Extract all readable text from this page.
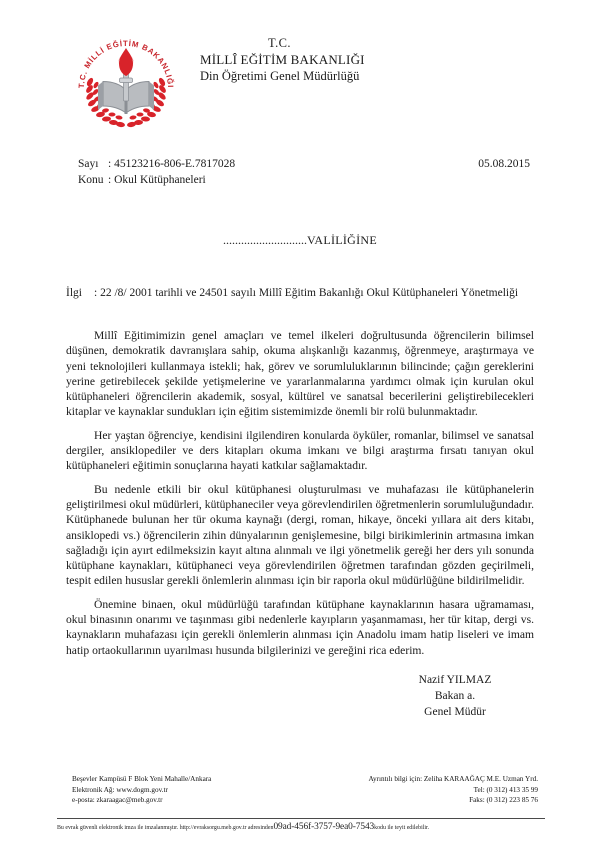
T.C. MİLLİ EĞİTİM BAKANLIĞI
T.C.
MİLLÎ EĞİTİM BAKANLIĞI
Din Öğretimi Genel Müdürlüğü
Sayı : 45123216-806-E.7817028	05.08.2015
Konu : Okul Kütüphaneleri
............................VALİLİĞİNE
İlgi : 22 /8/ 2001 tarihli ve 24501 sayılı Millî Eğitim Bakanlığı Okul Kütüphaneleri Yönetmeliği

Millî Eğitimimizin genel amaçları ve temel ilkeleri doğrultusunda öğrencilerin bilimsel düşünen, demokratik davranışlara sahip, okuma alışkanlığı kazanmış, öğrenmeye, araştırmaya ve yeni teknolojileri kullanmaya istekli; hak, görev ve sorumluluklarının bilincinde; çağın gereklerini yerine getirebilecek şekilde yetişmelerine ve yararlanmalarına yardımcı olmak için kurulan okul kütüphaneleri öğrencilerin akademik, sosyal, kültürel ve sanatsal becerilerini geliştirebilecekleri kitaplar ve kaynaklar sundukları için eğitim sistemimizde önemli bir rolü bulunmaktadır.

Her yaştan öğrenciye, kendisini ilgilendiren konularda öyküler, romanlar, bilimsel ve sanatsal dergiler, ansiklopediler ve ders kitapları okuma imkanı ve bilgi araştırma fırsatı tanıyan okul kütüphaneleri eğitimin sonuçlarına hayati katkılar sağlamaktadır.

Bu nedenle etkili bir okul kütüphanesi oluşturulması ve muhafazası ile kütüphanelerin geliştirilmesi okul müdürleri, kütüphaneciler veya görevlendirilen öğretmenlerin sorumluluğundadır. Kütüphanede bulunan her tür okuma kaynağı (dergi, roman, hikaye, önceki yıllara ait ders kitabı, ansiklopedi vs.) öğrencilerin zihin dünyalarının genişlemesine, bilgi birikimlerinin artmasına imkan sağladığı için ayırt edilmeksizin kayıt altına alınmalı ve ilgi yönetmelik gereği her ders yılı sonunda kütüphane kaynakları, kütüphaneci veya görevlendirilen öğretmen tarafından gözden geçirilmeli, tespit edilen hususlar gerekli önlemlerin alınması için bir raporla okul müdürlüğüne bildirilmelidir.

Önemine binaen, okul müdürlüğü tarafından kütüphane kaynaklarının hasara uğramaması, okul binasının onarımı ve taşınması gibi nedenlerle kayıpların yaşanmaması, her tür kitap, dergi vs. kaynakların muhafazası için gerekli önlemlerin alınması için Anadolu imam hatip liseleri ve imam hatip ortaokullarının uyarılması husunda bilgilerinizi ve gereğini rica ederim.

Nazif YILMAZ
Bakan a.
Genel Müdür
Beşevler Kampüsü F Blok Yeni Mahalle/Ankara
Elektronik Ağ: www.dogm.gov.tr
e-posta: zkaraagac@meb.gov.tr
Ayrıntılı bilgi için: Zeliha KARAAĞAÇ M.E. Uzman Yrd.
Tel: (0 312) 413 35 99
Faks: (0 312) 223 85 76
Bu evrak güvenli elektronik imza ile imzalanmıştır. http://evraksorgu.meb.gov.tr adresinden09ad-456f-3757-9ea0-7543kodu ile teyit edilebilir.
